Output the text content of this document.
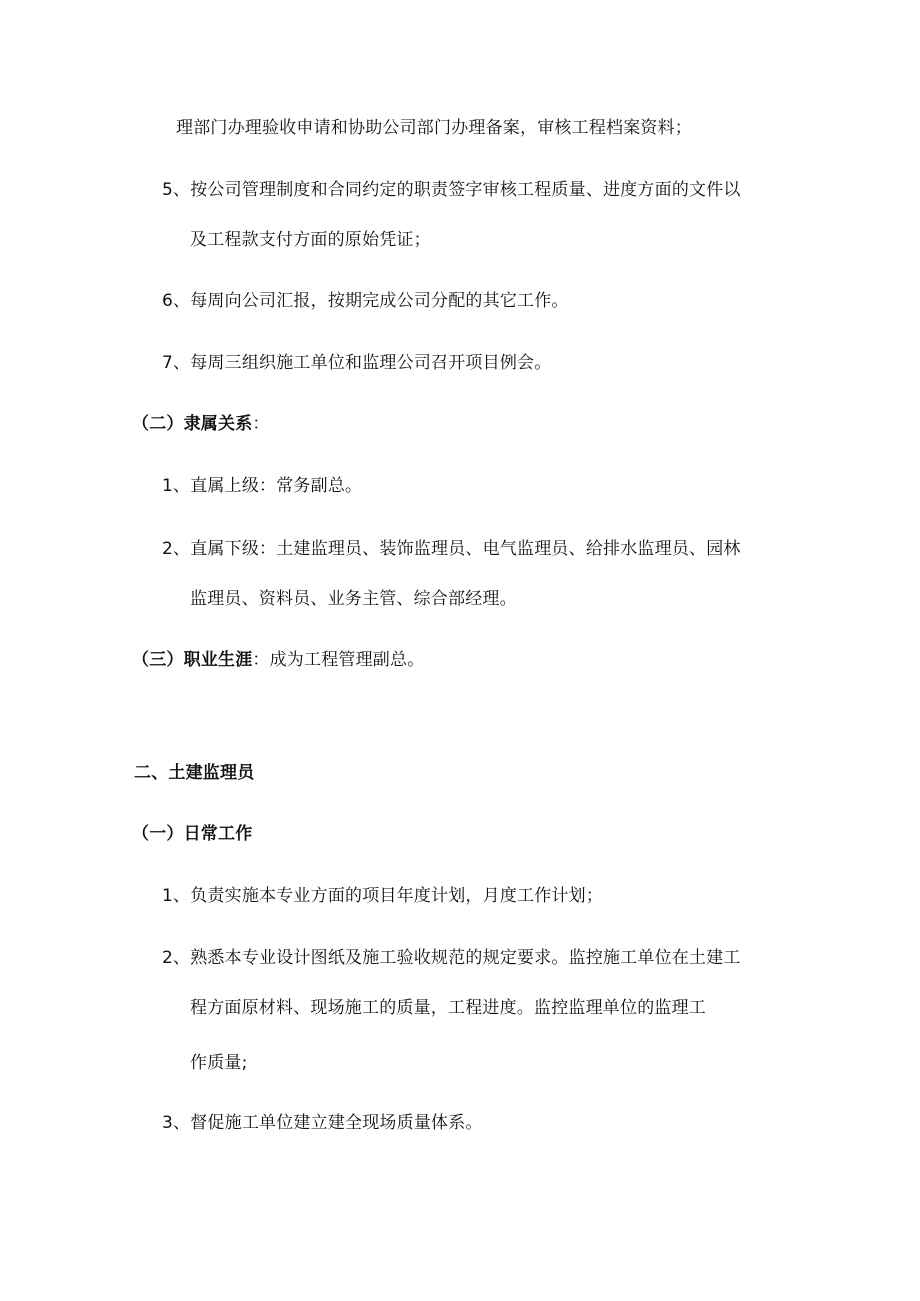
理部门办理验收申请和协助公司部门办理备案，审核工程档案资料；
5、按公司管理制度和合同约定的职责签字审核工程质量、进度方面的文件以
及工程款支付方面的原始凭证；
6、每周向公司汇报，按期完成公司分配的其它工作。
7、每周三组织施工单位和监理公司召开项目例会。
（二）隶属关系：
1、直属上级：常务副总。
2、直属下级：土建监理员、装饰监理员、电气监理员、给排水监理员、园林
监理员、资料员、业务主管、综合部经理。
（三）职业生涯：成为工程管理副总。
二、土建监理员
（一）日常工作
1、负责实施本专业方面的项目年度计划，月度工作计划；
2、熟悉本专业设计图纸及施工验收规范的规定要求。监控施工单位在土建工
程方面原材料、现场施工的质量，工程进度。监控监理单位的监理工
作质量;
3、督促施工单位建立建全现场质量体系。
